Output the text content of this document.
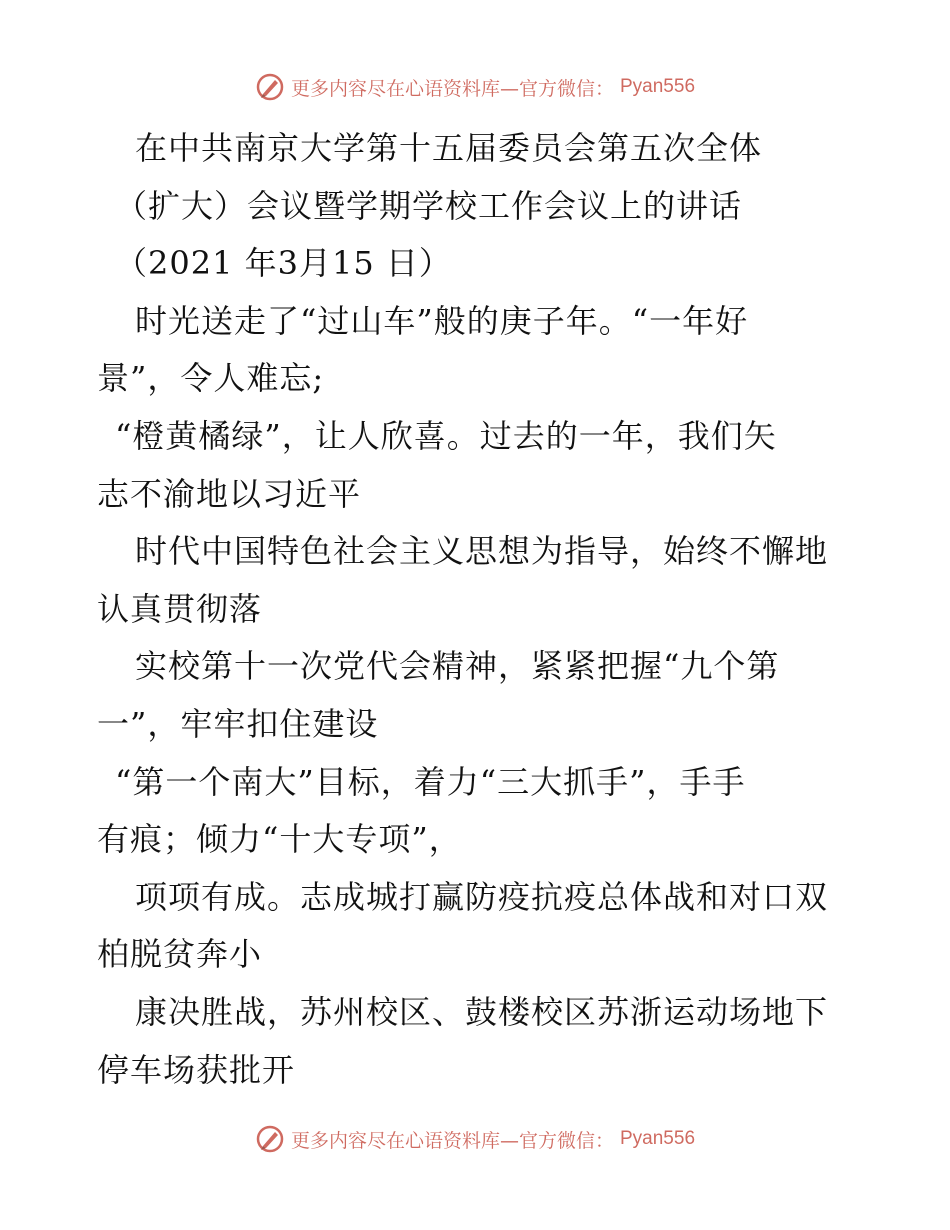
更多内容尽在心语资料库—官方微信： Pyan556
在中共南京大学第十五届委员会第五次全体
（扩大）会议暨学期学校工作会议上的讲话
（2021 年3月15 日）
时光送走了“过山车”般的庚子年。“一年好
景”，令人难忘;
“橙黄橘绿”，让人欣喜。过去的一年，我们矢
志不渝地以习近平
时代中国特色社会主义思想为指导，始终不懈地
认真贯彻落
实校第十一次党代会精神，紧紧把握“九个第
一”，牢牢扣住建设
“第一个南大”目标，着力“三大抓手”，手手
有痕；倾力“十大专项”，
项项有成。志成城打赢防疫抗疫总体战和对口双
柏脱贫奔小
康决胜战，苏州校区、鼓楼校区苏浙运动场地下
停车场获批开
更多内容尽在心语资料库—官方微信： Pyan556
